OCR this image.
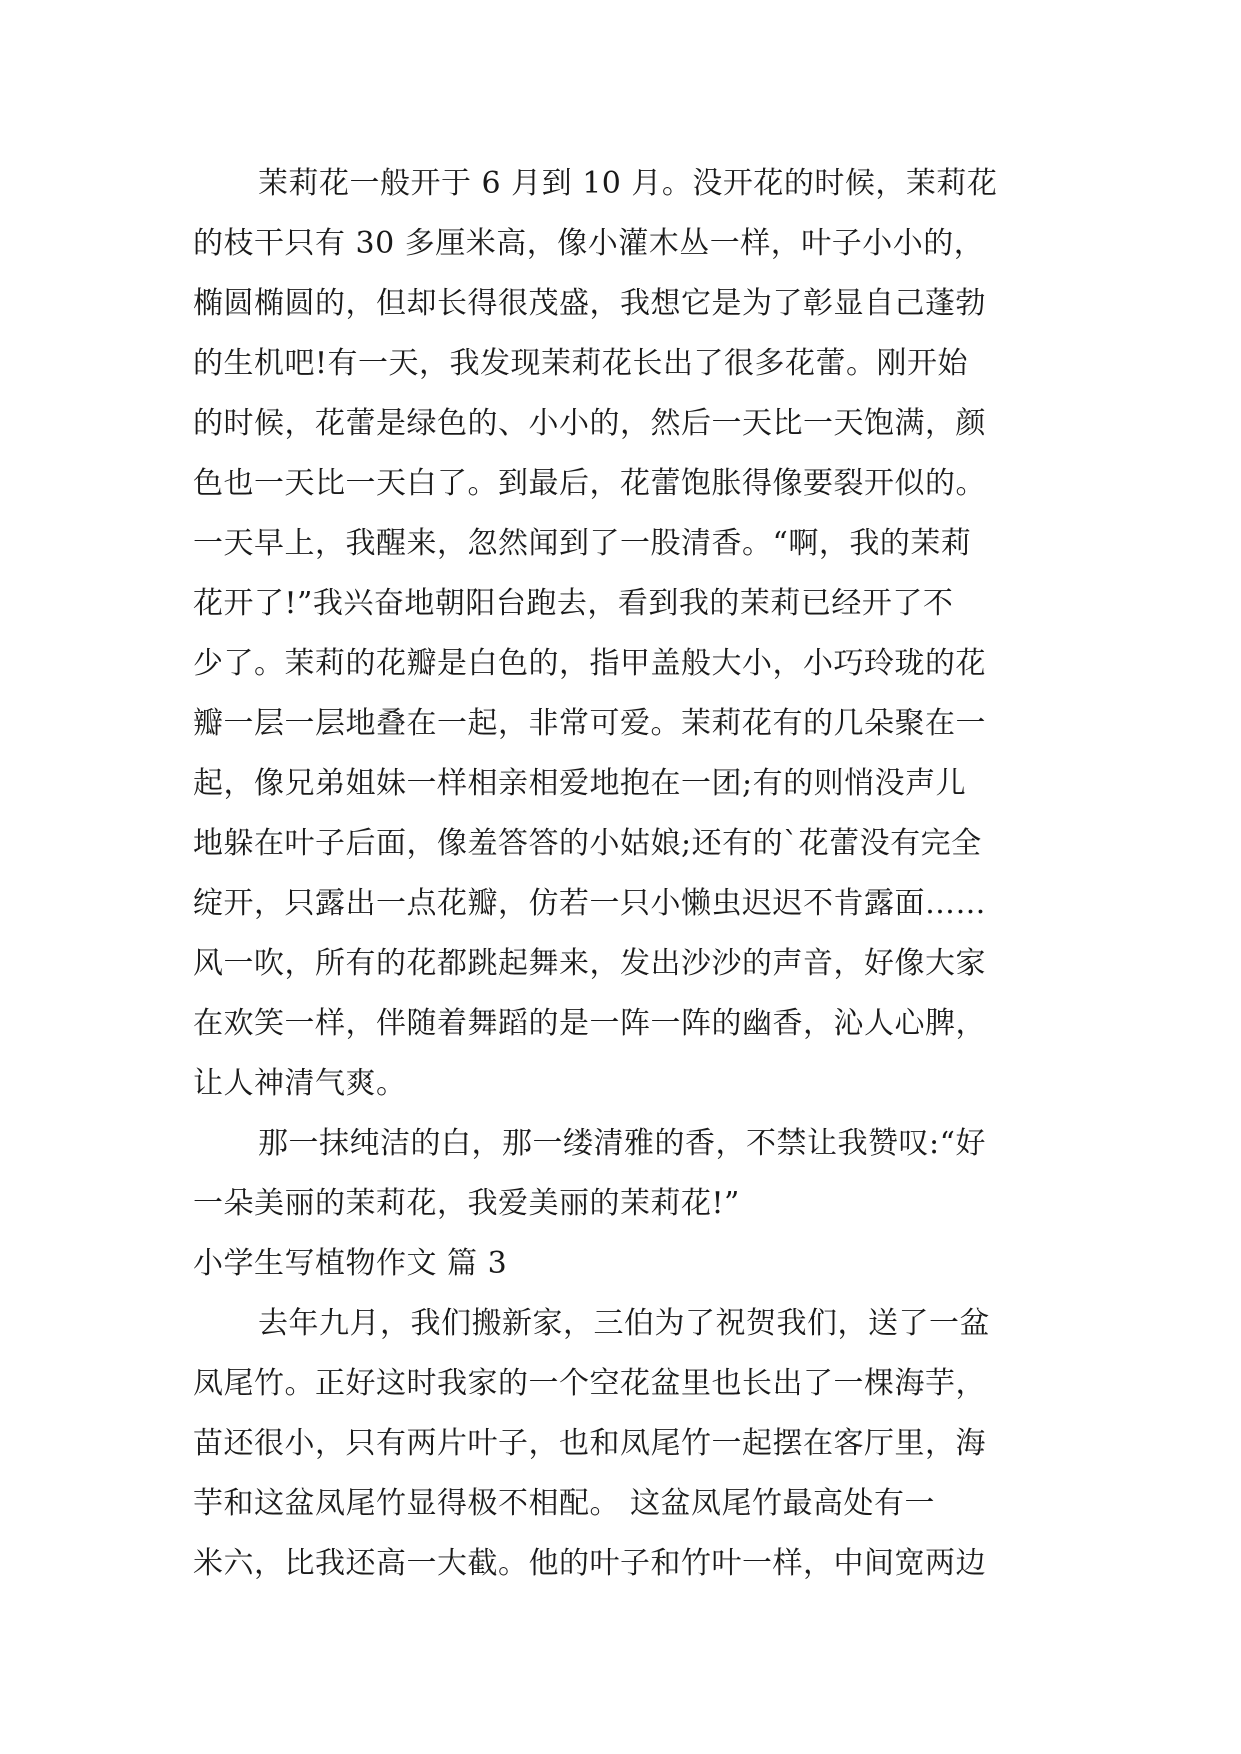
茉莉花一般开于 6 月到 10 月。没开花的时候，茉莉花
的枝干只有 30 多厘米高，像小灌木丛一样，叶子小小的，
椭圆椭圆的，但却长得很茂盛，我想它是为了彰显自己蓬勃
的生机吧!有一天，我发现茉莉花长出了很多花蕾。刚开始
的时候，花蕾是绿色的、小小的，然后一天比一天饱满，颜
色也一天比一天白了。到最后，花蕾饱胀得像要裂开似的。
一天早上，我醒来，忽然闻到了一股清香。“啊，我的茉莉
花开了!”我兴奋地朝阳台跑去，看到我的茉莉已经开了不
少了。茉莉的花瓣是白色的，指甲盖般大小，小巧玲珑的花
瓣一层一层地叠在一起，非常可爱。茉莉花有的几朵聚在一
起，像兄弟姐妹一样相亲相爱地抱在一团;有的则悄没声儿
地躲在叶子后面，像羞答答的小姑娘;还有的`花蕾没有完全
绽开，只露出一点花瓣，仿若一只小懒虫迟迟不肯露面……
风一吹，所有的花都跳起舞来，发出沙沙的声音，好像大家
在欢笑一样，伴随着舞蹈的是一阵一阵的幽香，沁人心脾，
让人神清气爽。
那一抹纯洁的白，那一缕清雅的香，不禁让我赞叹:“好
一朵美丽的茉莉花，我爱美丽的茉莉花!”
小学生写植物作文 篇 3
去年九月，我们搬新家，三伯为了祝贺我们，送了一盆
凤尾竹。正好这时我家的一个空花盆里也长出了一棵海芋，
苗还很小，只有两片叶子，也和凤尾竹一起摆在客厅里，海
芋和这盆凤尾竹显得极不相配。 这盆凤尾竹最高处有一
米六，比我还高一大截。他的叶子和竹叶一样，中间宽两边
